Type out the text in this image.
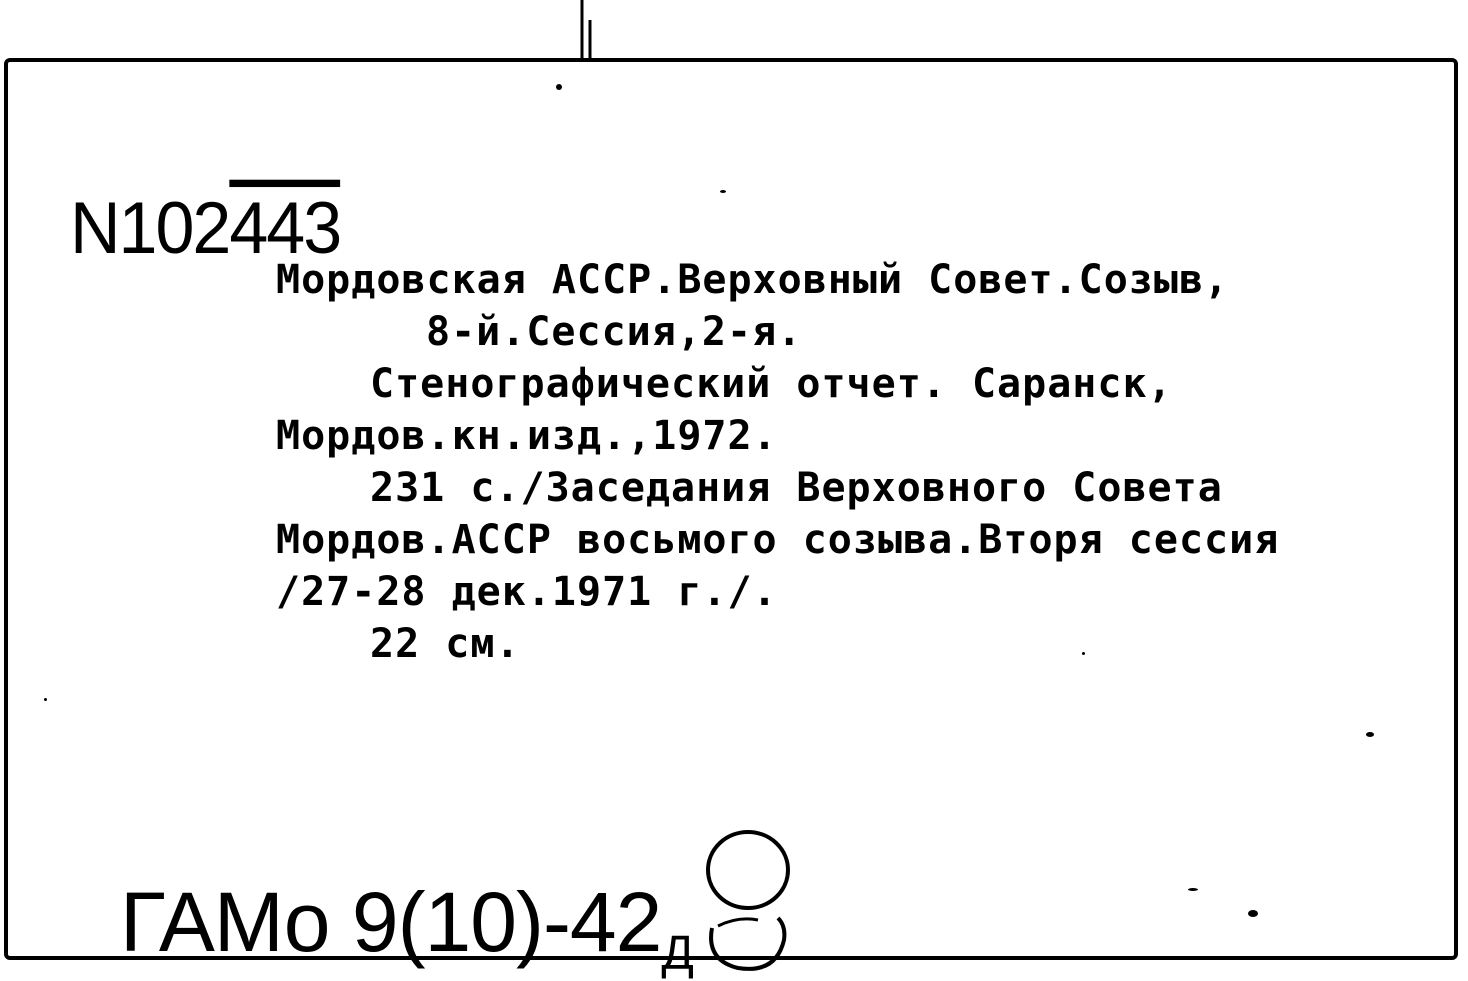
N102443
Мордовская АССР.Верховный Совет.Созыв,
8-й.Сессия,2-я.
Стенографический отчет. Саранск,
Мордов.кн.изд.,1972.
231 с./Заседания Верховного Совета
Мордов.АССР восьмого созыва.Вторя сессия
/27-28 дек.1971 г./.
22 см.
ГАМо $9(10)-42_Д$
